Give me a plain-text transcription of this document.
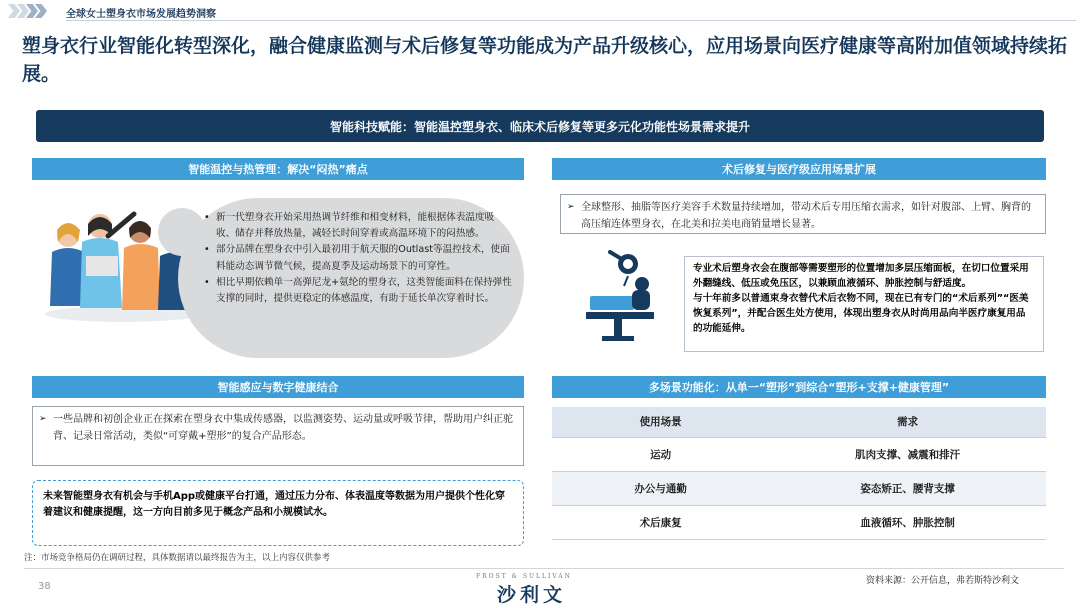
全球女士塑身衣市场发展趋势洞察
塑身衣行业智能化转型深化，融合健康监测与术后修复等功能成为产品升级核心，应用场景向医疗健康等高附加值领域持续拓展。
智能科技赋能：智能温控塑身衣、临床术后修复等更多元化功能性场景需求提升
智能温控与热管理：解决“闷热”痛点
• 新一代塑身衣开始采用热调节纤维和相变材料，能根据体表温度吸收、储存并释放热量，减轻长时间穿着或高温环境下的闷热感。
• 部分品牌在塑身衣中引入最初用于航天服的Outlast等温控技术，使面料能动态调节微气候，提高夏季及运动场景下的可穿性。
• 相比早期依赖单一高弹尼龙+氨纶的塑身衣，这类智能面料在保持弹性支撑的同时，提供更稳定的体感温度，有助于延长单次穿着时长。
智能感应与数字健康结合
➢ 一些品牌和初创企业正在探索在塑身衣中集成传感器，以监测姿势、运动量或呼吸节律，帮助用户纠正驼背、记录日常活动，类似“可穿戴+塑形”的复合产品形态。
未来智能塑身衣有机会与手机App或健康平台打通，通过压力分布、体表温度等数据为用户提供个性化穿着建议和健康提醒，这一方向目前多见于概念产品和小规模试水。
术后修复与医疗级应用场景扩展
➢ 全球整形、抽脂等医疗美容手术数量持续增加，带动术后专用压缩衣需求，如针对腹部、上臂、胸背的高压缩连体塑身衣，在北美和拉美电商销量增长显著。
专业术后塑身衣会在腹部等需要塑形的位置增加多层压缩面板，在切口位置采用外翻缝线、低压或免压区，以兼顾血液循环、肿胀控制与舒适度。
与十年前多以普通束身衣替代术后衣物不同，现在已有专门的“术后系列”“医美恢复系列”，并配合医生处方使用，体现出塑身衣从时尚用品向半医疗康复用品的功能延伸。
多场景功能化：从单一“塑形”到综合“塑形+支撑+健康管理”
使用场景	需求
运动	肌肉支撑、减震和排汗
办公与通勤	姿态矫正、腰背支撑
术后康复	血液循环、肿胀控制
注：市场竞争格局仍在调研过程，具体数据请以最终报告为主，以上内容仅供参考
38
FROST & SULLIVAN
沙利文
资料来源：公开信息，弗若斯特沙利文
